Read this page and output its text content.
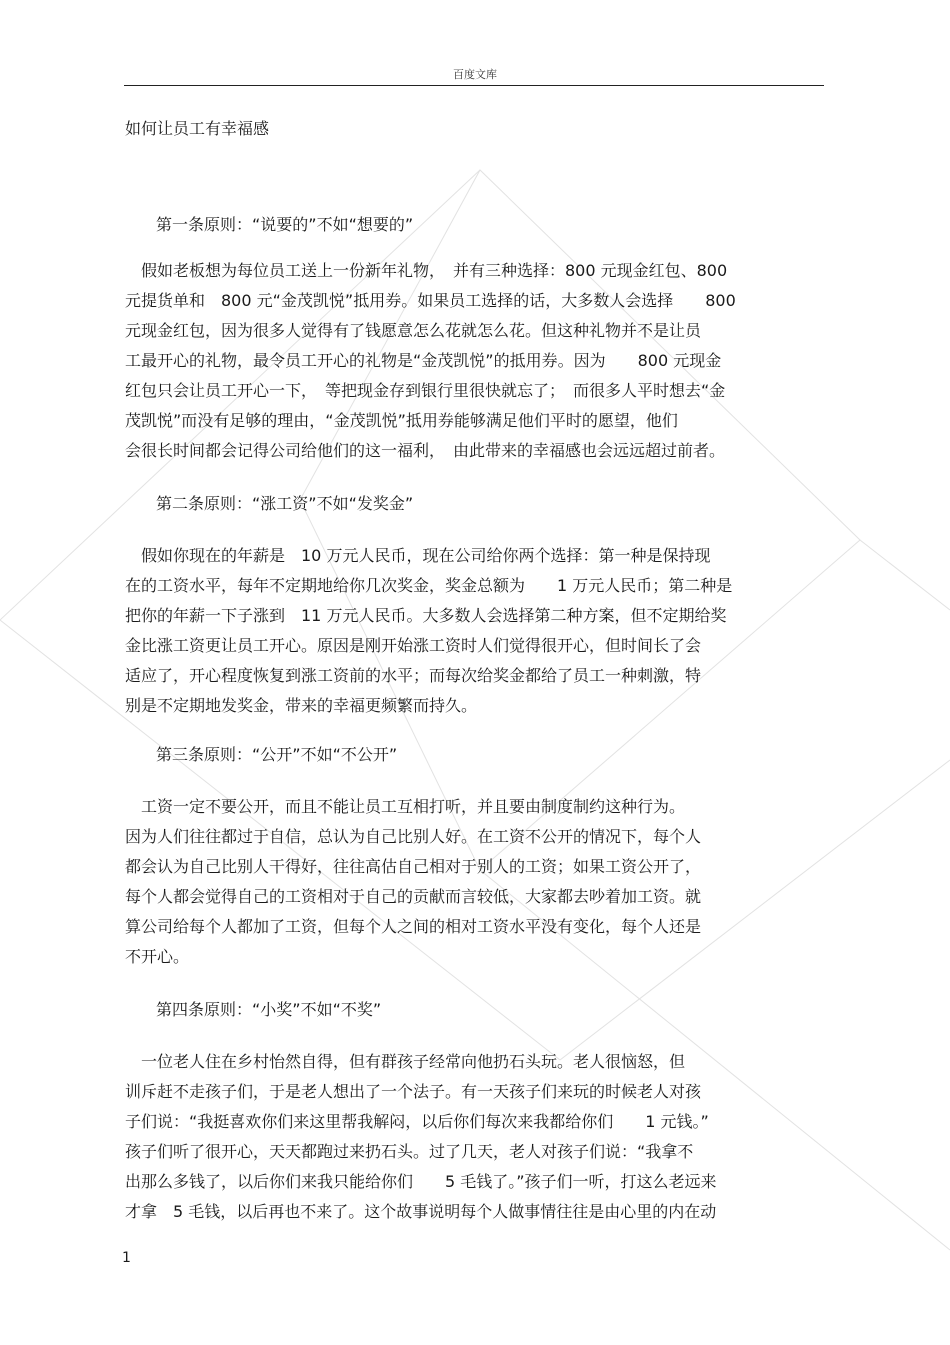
百度文库
如何让员工有幸福感
第一条原则：“说要的”不如“想要的”

　假如老板想为每位员工送上一份新年礼物，　并有三种选择：800 元现金红包、800
元提货单和　800 元“金茂凯悦”抵用券。如果员工选择的话，大多数人会选择　　800
元现金红包，因为很多人觉得有了钱愿意怎么花就怎么花。但这种礼物并不是让员
工最开心的礼物，最令员工开心的礼物是“金茂凯悦”的抵用券。因为　　800 元现金
红包只会让员工开心一下，　等把现金存到银行里很快就忘了；　而很多人平时想去“金
茂凯悦”而没有足够的理由，“金茂凯悦”抵用券能够满足他们平时的愿望，他们
会很长时间都会记得公司给他们的这一福利，　由此带来的幸福感也会远远超过前者。

第二条原则：“涨工资”不如“发奖金”

　假如你现在的年薪是　10 万元人民币，现在公司给你两个选择：第一种是保持现
在的工资水平，每年不定期地给你几次奖金，奖金总额为　　1 万元人民币；第二种是
把你的年薪一下子涨到　11 万元人民币。大多数人会选择第二种方案，但不定期给奖
金比涨工资更让员工开心。原因是刚开始涨工资时人们觉得很开心，但时间长了会
适应了，开心程度恢复到涨工资前的水平；而每次给奖金都给了员工一种刺激，特
别是不定期地发奖金，带来的幸福更频繁而持久。

第三条原则：“公开”不如“不公开”

　工资一定不要公开，而且不能让员工互相打听，并且要由制度制约这种行为。
因为人们往往都过于自信，总认为自己比别人好。在工资不公开的情况下，每个人
都会认为自己比别人干得好，往往高估自己相对于别人的工资；如果工资公开了，
每个人都会觉得自己的工资相对于自己的贡献而言较低，大家都去吵着加工资。就
算公司给每个人都加了工资，但每个人之间的相对工资水平没有变化，每个人还是
不开心。

第四条原则：“小奖”不如“不奖”

　一位老人住在乡村怡然自得，但有群孩子经常向他扔石头玩。老人很恼怒，但
训斥赶不走孩子们，于是老人想出了一个法子。有一天孩子们来玩的时候老人对孩
子们说：“我挺喜欢你们来这里帮我解闷，以后你们每次来我都给你们　　1 元钱。”
孩子们听了很开心，天天都跑过来扔石头。过了几天，老人对孩子们说：“我拿不
出那么多钱了，以后你们来我只能给你们　　5 毛钱了。”孩子们一听，打这么老远来
才拿　5 毛钱，以后再也不来了。这个故事说明每个人做事情往往是由心里的内在动

1
